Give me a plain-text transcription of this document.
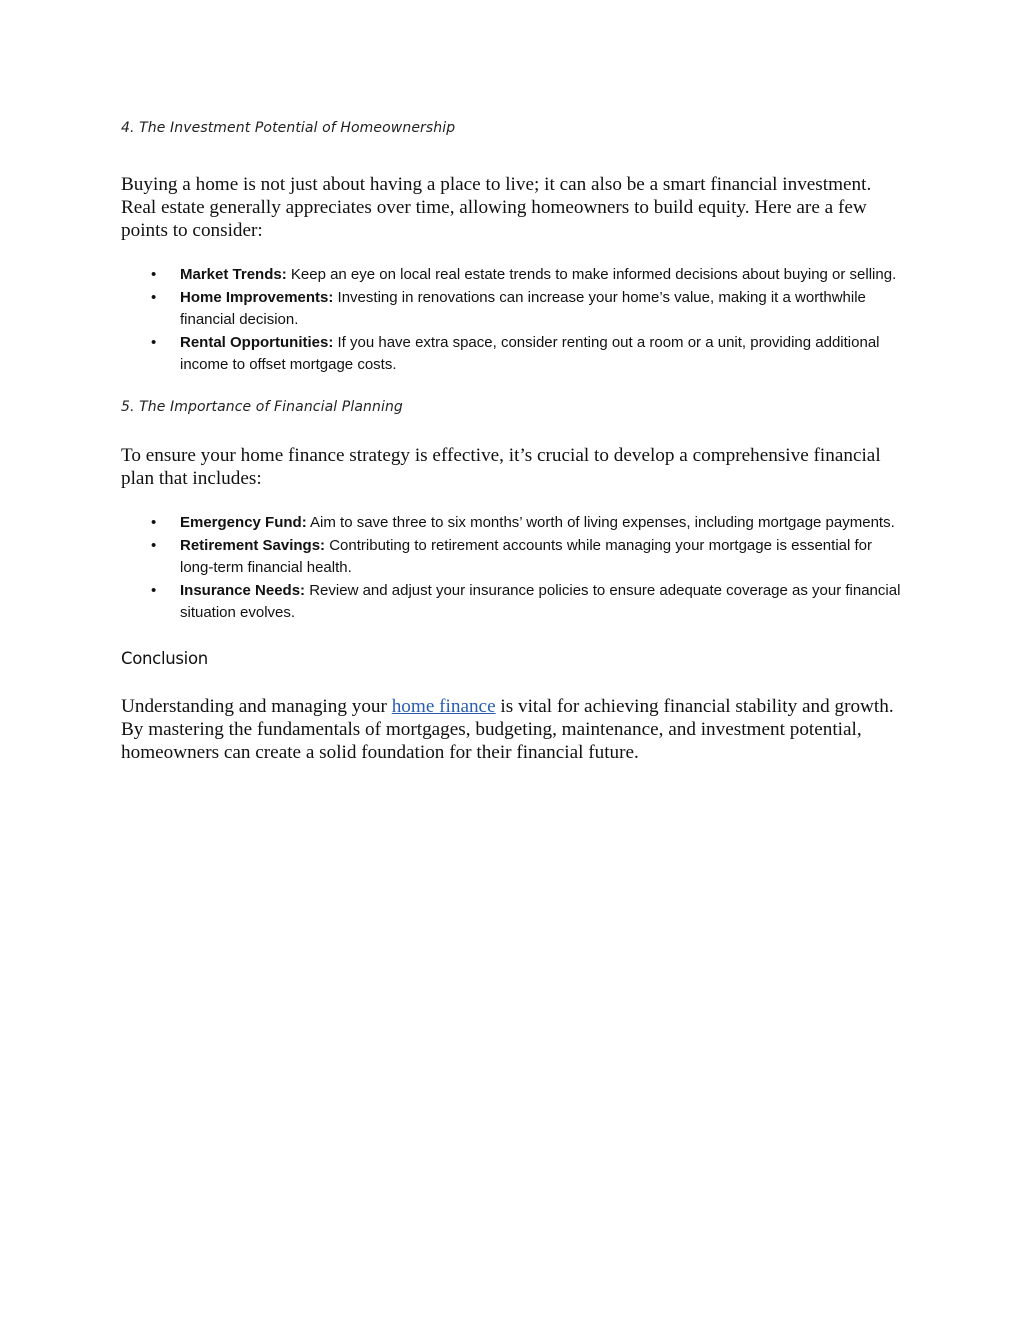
4. The Investment Potential of Homeownership

Buying a home is not just about having a place to live; it can also be a smart financial investment. Real estate generally appreciates over time, allowing homeowners to build equity. Here are a few points to consider:

• Market Trends: Keep an eye on local real estate trends to make informed decisions about buying or selling.
• Home Improvements: Investing in renovations can increase your home’s value, making it a worthwhile financial decision.
• Rental Opportunities: If you have extra space, consider renting out a room or a unit, providing additional income to offset mortgage costs.

5. The Importance of Financial Planning

To ensure your home finance strategy is effective, it’s crucial to develop a comprehensive financial plan that includes:

• Emergency Fund: Aim to save three to six months’ worth of living expenses, including mortgage payments.
• Retirement Savings: Contributing to retirement accounts while managing your mortgage is essential for long-term financial health.
• Insurance Needs: Review and adjust your insurance policies to ensure adequate coverage as your financial situation evolves.

Conclusion

Understanding and managing your home finance is vital for achieving financial stability and growth. By mastering the fundamentals of mortgages, budgeting, maintenance, and investment potential, homeowners can create a solid foundation for their financial future.
